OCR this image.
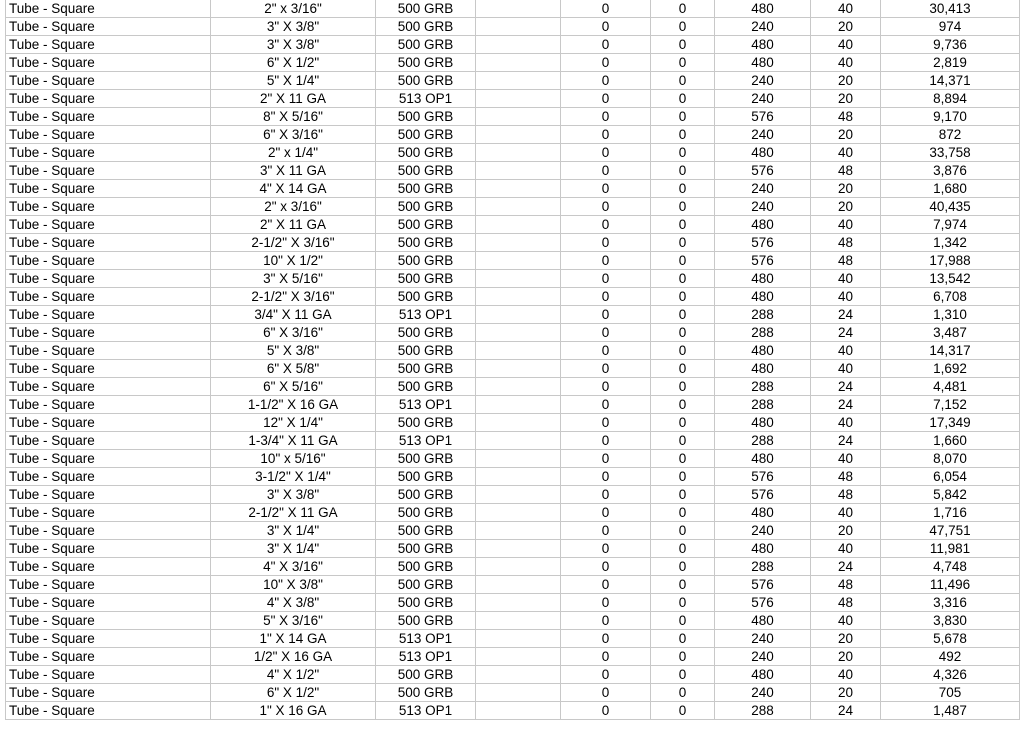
Tube - Square	2" x 3/16"	500 GRB		0	0	480	40	30,413
Tube - Square	3" X 3/8"	500 GRB		0	0	240	20	974
Tube - Square	3" X 3/8"	500 GRB		0	0	480	40	9,736
Tube - Square	6" X 1/2"	500 GRB		0	0	480	40	2,819
Tube - Square	5" X 1/4"	500 GRB		0	0	240	20	14,371
Tube - Square	2" X 11 GA	513 OP1		0	0	240	20	8,894
Tube - Square	8" X 5/16"	500 GRB		0	0	576	48	9,170
Tube - Square	6" X 3/16"	500 GRB		0	0	240	20	872
Tube - Square	2" x 1/4"	500 GRB		0	0	480	40	33,758
Tube - Square	3" X 11 GA	500 GRB		0	0	576	48	3,876
Tube - Square	4" X 14 GA	500 GRB		0	0	240	20	1,680
Tube - Square	2" x 3/16"	500 GRB		0	0	240	20	40,435
Tube - Square	2" X 11 GA	500 GRB		0	0	480	40	7,974
Tube - Square	2-1/2" X 3/16"	500 GRB		0	0	576	48	1,342
Tube - Square	10" X 1/2"	500 GRB		0	0	576	48	17,988
Tube - Square	3" X 5/16"	500 GRB		0	0	480	40	13,542
Tube - Square	2-1/2" X 3/16"	500 GRB		0	0	480	40	6,708
Tube - Square	3/4" X 11 GA	513 OP1		0	0	288	24	1,310
Tube - Square	6" X 3/16"	500 GRB		0	0	288	24	3,487
Tube - Square	5" X 3/8"	500 GRB		0	0	480	40	14,317
Tube - Square	6" X 5/8"	500 GRB		0	0	480	40	1,692
Tube - Square	6" X 5/16"	500 GRB		0	0	288	24	4,481
Tube - Square	1-1/2" X 16 GA	513 OP1		0	0	288	24	7,152
Tube - Square	12" X 1/4"	500 GRB		0	0	480	40	17,349
Tube - Square	1-3/4" X 11 GA	513 OP1		0	0	288	24	1,660
Tube - Square	10" x 5/16"	500 GRB		0	0	480	40	8,070
Tube - Square	3-1/2" X 1/4"	500 GRB		0	0	576	48	6,054
Tube - Square	3" X 3/8"	500 GRB		0	0	576	48	5,842
Tube - Square	2-1/2" X 11 GA	500 GRB		0	0	480	40	1,716
Tube - Square	3" X 1/4"	500 GRB		0	0	240	20	47,751
Tube - Square	3" X 1/4"	500 GRB		0	0	480	40	11,981
Tube - Square	4" X 3/16"	500 GRB		0	0	288	24	4,748
Tube - Square	10" X 3/8"	500 GRB		0	0	576	48	11,496
Tube - Square	4" X 3/8"	500 GRB		0	0	576	48	3,316
Tube - Square	5" X 3/16"	500 GRB		0	0	480	40	3,830
Tube - Square	1" X 14 GA	513 OP1		0	0	240	20	5,678
Tube - Square	1/2" X 16 GA	513 OP1		0	0	240	20	492
Tube - Square	4" X 1/2"	500 GRB		0	0	480	40	4,326
Tube - Square	6" X 1/2"	500 GRB		0	0	240	20	705
Tube - Square	1" X 16 GA	513 OP1		0	0	288	24	1,487
